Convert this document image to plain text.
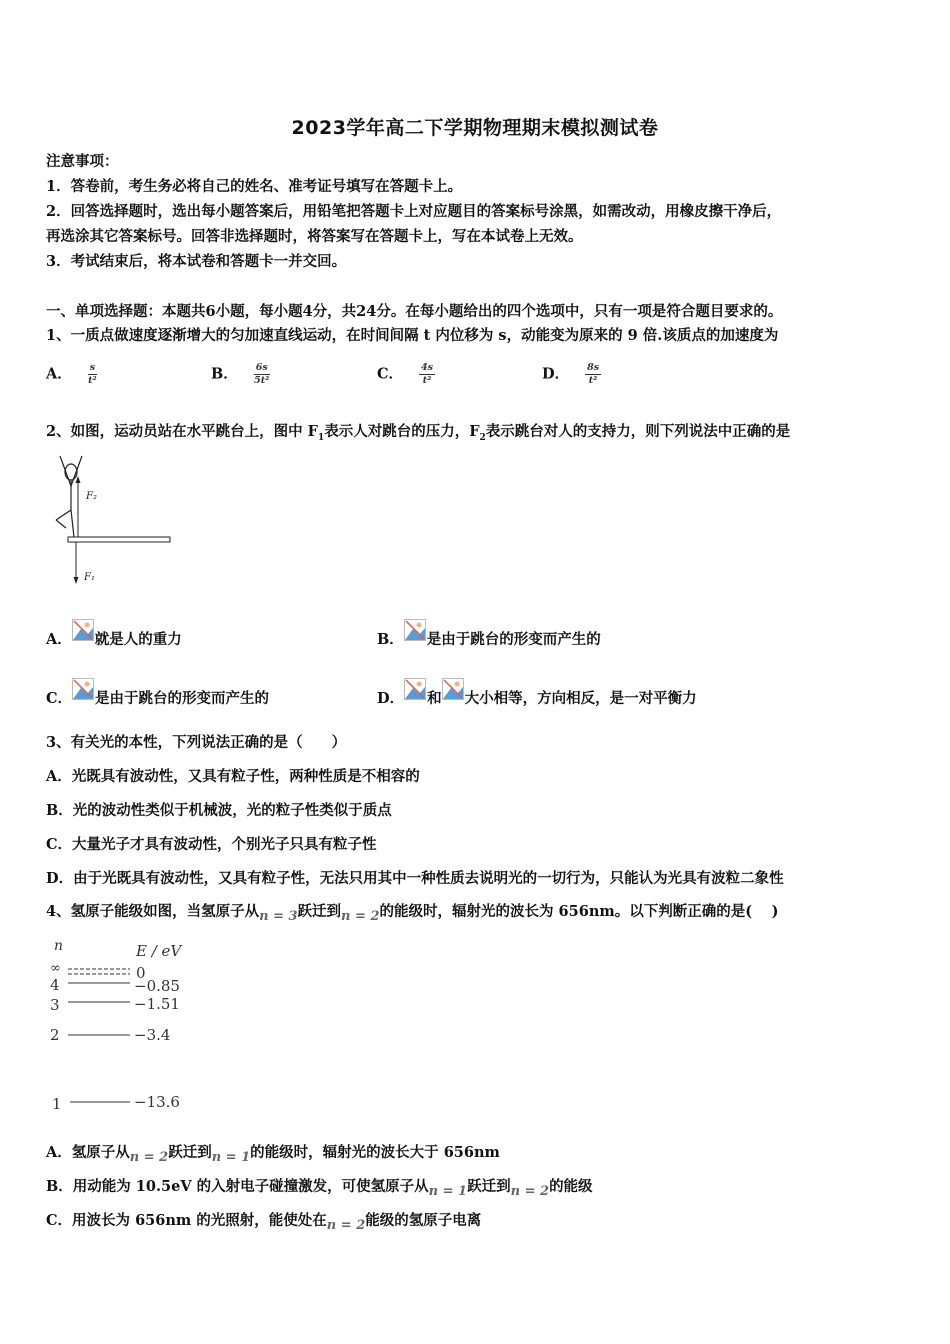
2023学年高二下学期物理期末模拟测试卷
注意事项：
1．答卷前，考生务必将自己的姓名、准考证号填写在答题卡上。
2．回答选择题时，选出每小题答案后，用铅笔把答题卡上对应题目的答案标号涂黑，如需改动，用橡皮擦干净后，
再选涂其它答案标号。回答非选择题时，将答案写在答题卡上，写在本试卷上无效。
3．考试结束后，将本试卷和答题卡一并交回。
一、单项选择题：本题共6小题，每小题4分，共24分。在每小题给出的四个选项中，只有一项是符合题目要求的。
1、一质点做速度逐渐增大的匀加速直线运动，在时间间隔 t 内位移为 s，动能变为原来的 9 倍.该质点的加速度为
A． $\frac{s}{\text{t²}}$	B． $\frac{6s}{\text{5t²}}$	C． $\frac{4s}{\text{t²}}$	D． $\frac{8s}{\text{t²}}$
2、如图，运动员站在水平跳台上，图中 $F_1$表示人对跳台的压力，$F_2$表示跳台对人的支持力，则下列说法中正确的是
F₂
F₁
A． 就是人的重力	B． 是由于跳台的形变而产生的
C． 是由于跳台的形变而产生的	D． 和 大小相等，方向相反，是一对平衡力
3、有关光的本性，下列说法正确的是（　　）
A．光既具有波动性，又具有粒子性，两种性质是不相容的
B．光的波动性类似于机械波，光的粒子性类似于质点
C．大量光子才具有波动性，个别光子只具有粒子性
D．由于光既具有波动性，又具有粒子性，无法只用其中一种性质去说明光的一切行为，只能认为光具有波粒二象性
4、氢原子能级如图，当氢原子从n = 3跃迁到n = 2的能级时，辐射光的波长为 656nm。以下判断正确的是(　 )
n	E / eV
∞	0
4	−0.85
3	−1.51
2	−3.4
1	−13.6
A．氢原子从n = 2跃迁到n = 1的能级时，辐射光的波长大于 656nm
B．用动能为 10.5eV 的入射电子碰撞激发，可使氢原子从n = 1跃迁到n = 2的能级
C．用波长为 656nm 的光照射，能使处在n = 2能级的氢原子电离
